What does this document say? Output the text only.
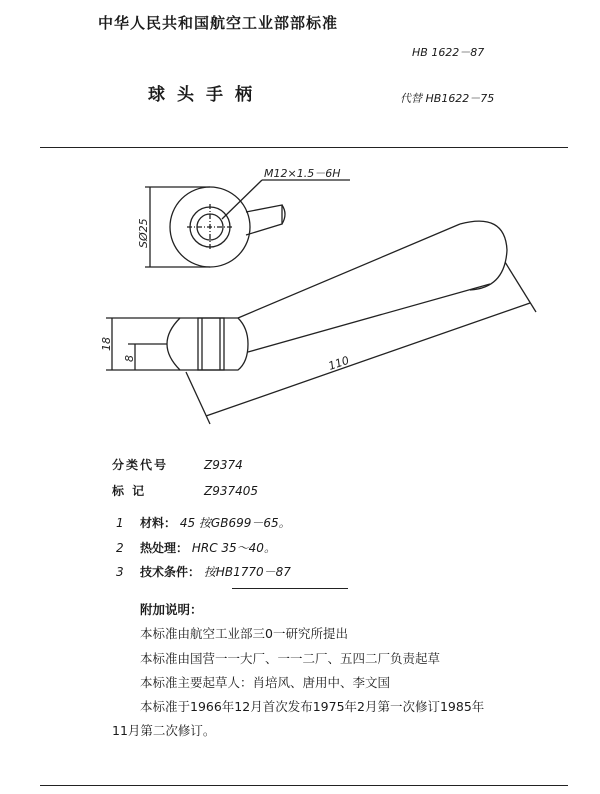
中华人民共和国航空工业部部标准
HB 1622－87
球头手柄	代替 HB1622－75
M12×1.5－6H
SØ25
18
8	110
分类代号	Z9374
标 记	Z937405
1 材料： 45 按GB699－65。
2 热处理： HRC 35～40。
3 技术条件： 按HB1770－87
附加说明：
本标准由航空工业部三0一研究所提出
本标准由国营一一大厂、一一二厂、五四二厂负责起草
本标准主要起草人：肖培风、唐用中、李文国
本标准于1966年12月首次发布1975年2月第一次修订1985年
11月第二次修订。
